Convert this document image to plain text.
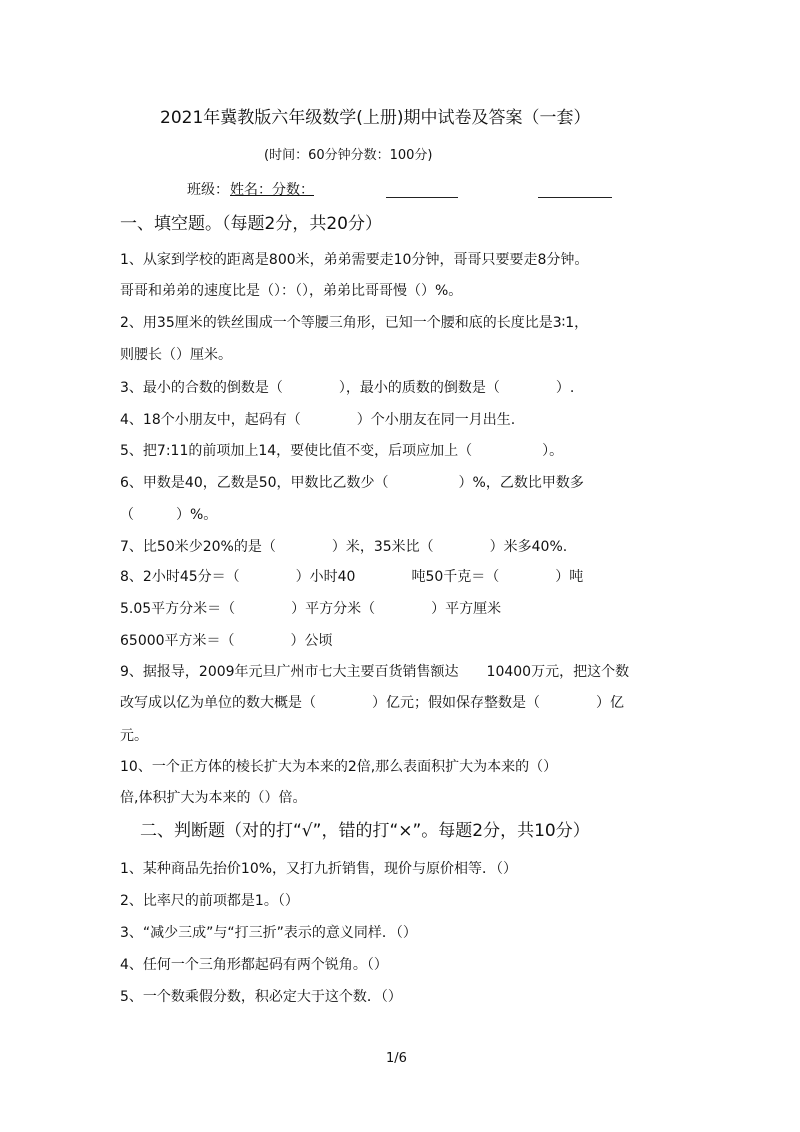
2021年冀教版六年级数学(上册)期中试卷及答案（一套）
(时间：60分钟分数：100分)
班级： 姓名：分数：
一、填空题。（每题2分，共20分）
1、从家到学校的距离是800米，弟弟需要走10分钟，哥哥只要要走8分钟。
哥哥和弟弟的速度比是（）：（），弟弟比哥哥慢（）%。
2、用35厘米的铁丝围成一个等腰三角形，已知一个腰和底的长度比是3∶1，
则腰长（）厘米。
3、最小的合数的倒数是（　　　　），最小的质数的倒数是（　　　　）.
4、18个小朋友中，起码有（　　　　）个小朋友在同一月出生.
5、把7:11的前项加上14，要使比值不变，后项应加上（　　　　　）。
6、甲数是40，乙数是50，甲数比乙数少（　　　　　）%，乙数比甲数多
（　　　）%。
7、比50米少20%的是（　　　　）米，35米比（　　　　）米多40%.
8、2小时45分＝（　　　　）小时40　　　　吨50千克＝（　　　　）吨
5.05平方分米＝（　　　　）平方分米（　　　　）平方厘米
65000平方米＝（　　　　）公顷
9、据报导，2009年元旦广州市七大主要百货销售额达　　10400万元，把这个数
改写成以亿为单位的数大概是（　　　　）亿元；假如保存整数是（　　　　）亿
元。
10、一个正方体的棱长扩大为本来的2倍,那么表面积扩大为本来的（）
倍,体积扩大为本来的（）倍。
二、判断题（对的打“√”，错的打“×”。每题2分，共10分）
1、某种商品先抬价10%，又打九折销售，现价与原价相等．（）
2、比率尺的前项都是1。（）
3、“减少三成”与“打三折”表示的意义同样．（）
4、任何一个三角形都起码有两个锐角。（）
5、一个数乘假分数，积必定大于这个数．（）
1/6
